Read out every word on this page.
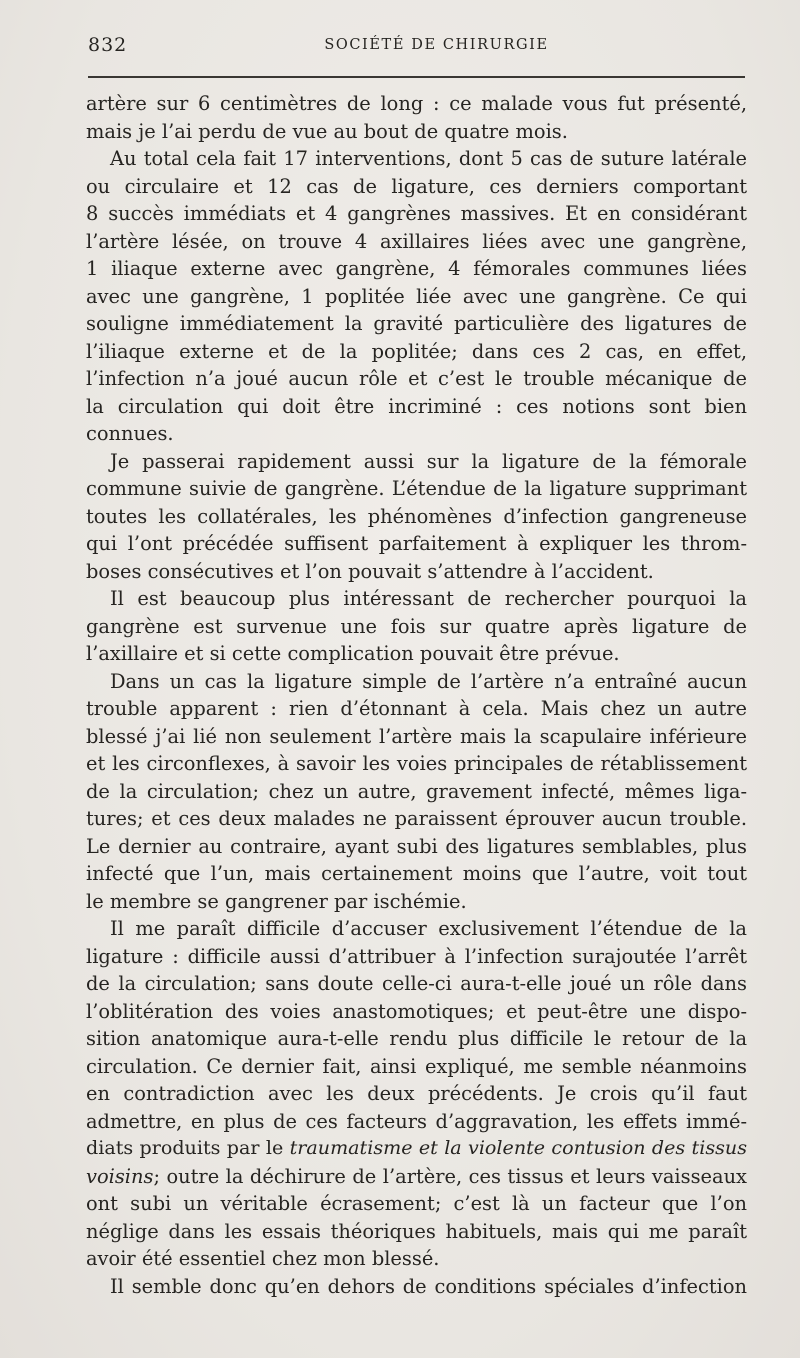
832	SOCIÉTÉ DE CHIRURGIE
artère sur 6 centimètres de long : ce malade vous fut présenté,
mais je l’ai perdu de vue au bout de quatre mois.
Au total cela fait 17 interventions, dont 5 cas de suture latérale
ou circulaire et 12 cas de ligature, ces derniers comportant
8 succès immédiats et 4 gangrènes massives. Et en considérant
l’artère lésée, on trouve 4 axillaires liées avec une gangrène,
1 iliaque externe avec gangrène, 4 fémorales communes liées
avec une gangrène, 1 poplitée liée avec une gangrène. Ce qui
souligne immédiatement la gravité particulière des ligatures de
l’iliaque externe et de la poplitée; dans ces 2 cas, en effet,
l’infection n’a joué aucun rôle et c’est le trouble mécanique de
la circulation qui doit être incriminé : ces notions sont bien
connues.
Je passerai rapidement aussi sur la ligature de la fémorale
commune suivie de gangrène. L’étendue de la ligature supprimant
toutes les collatérales, les phénomènes d’infection gangreneuse
qui l’ont précédée suffisent parfaitement à expliquer les throm-
boses consécutives et l’on pouvait s’attendre à l’accident.
Il est beaucoup plus intéressant de rechercher pourquoi la
gangrène est survenue une fois sur quatre après ligature de
l’axillaire et si cette complication pouvait être prévue.
Dans un cas la ligature simple de l’artère n’a entraîné aucun
trouble apparent : rien d’étonnant à cela. Mais chez un autre
blessé j’ai lié non seulement l’artère mais la scapulaire inférieure
et les circonflexes, à savoir les voies principales de rétablissement
de la circulation; chez un autre, gravement infecté, mêmes liga-
tures; et ces deux malades ne paraissent éprouver aucun trouble.
Le dernier au contraire, ayant subi des ligatures semblables, plus
infecté que l’un, mais certainement moins que l’autre, voit tout
le membre se gangrener par ischémie.
Il me paraît difficile d’accuser exclusivement l’étendue de la
ligature : difficile aussi d’attribuer à l’infection surajoutée l’arrêt
de la circulation; sans doute celle-ci aura-t-elle joué un rôle dans
l’oblitération des voies anastomotiques; et peut-être une dispo-
sition anatomique aura-t-elle rendu plus difficile le retour de la
circulation. Ce dernier fait, ainsi expliqué, me semble néanmoins
en contradiction avec les deux précédents. Je crois qu’il faut
admettre, en plus de ces facteurs d’aggravation, les effets immé-
diats produits par le traumatisme et la violente contusion des tissus
voisins; outre la déchirure de l’artère, ces tissus et leurs vaisseaux
ont subi un véritable écrasement; c’est là un facteur que l’on
néglige dans les essais théoriques habituels, mais qui me paraît
avoir été essentiel chez mon blessé.
Il semble donc qu’en dehors de conditions spéciales d’infection
